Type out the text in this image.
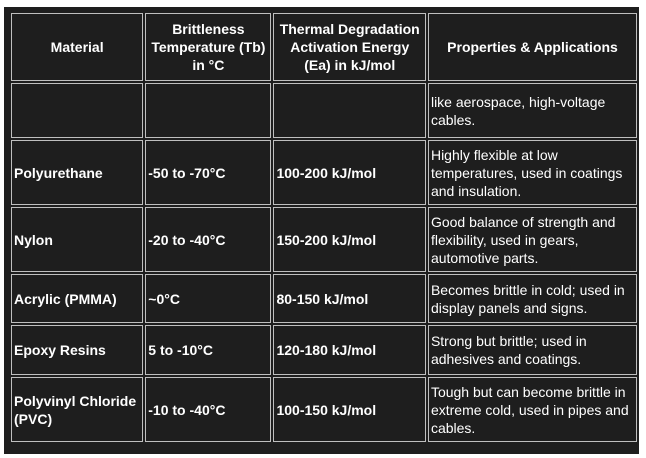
Material	Brittleness Temperature (Tb) in °C	Thermal Degradation Activation Energy (Ea) in kJ/mol	Properties & Applications
			like aerospace, high-voltage cables.
Polyurethane	-50 to -70°C	100-200 kJ/mol	Highly flexible at low temperatures, used in coatings and insulation.
Nylon	-20 to -40°C	150-200 kJ/mol	Good balance of strength and flexibility, used in gears, automotive parts.
Acrylic (PMMA)	~0°C	80-150 kJ/mol	Becomes brittle in cold; used in display panels and signs.
Epoxy Resins	5 to -10°C	120-180 kJ/mol	Strong but brittle; used in adhesives and coatings.
Polyvinyl Chloride (PVC)	-10 to -40°C	100-150 kJ/mol	Tough but can become brittle in extreme cold, used in pipes and cables.
